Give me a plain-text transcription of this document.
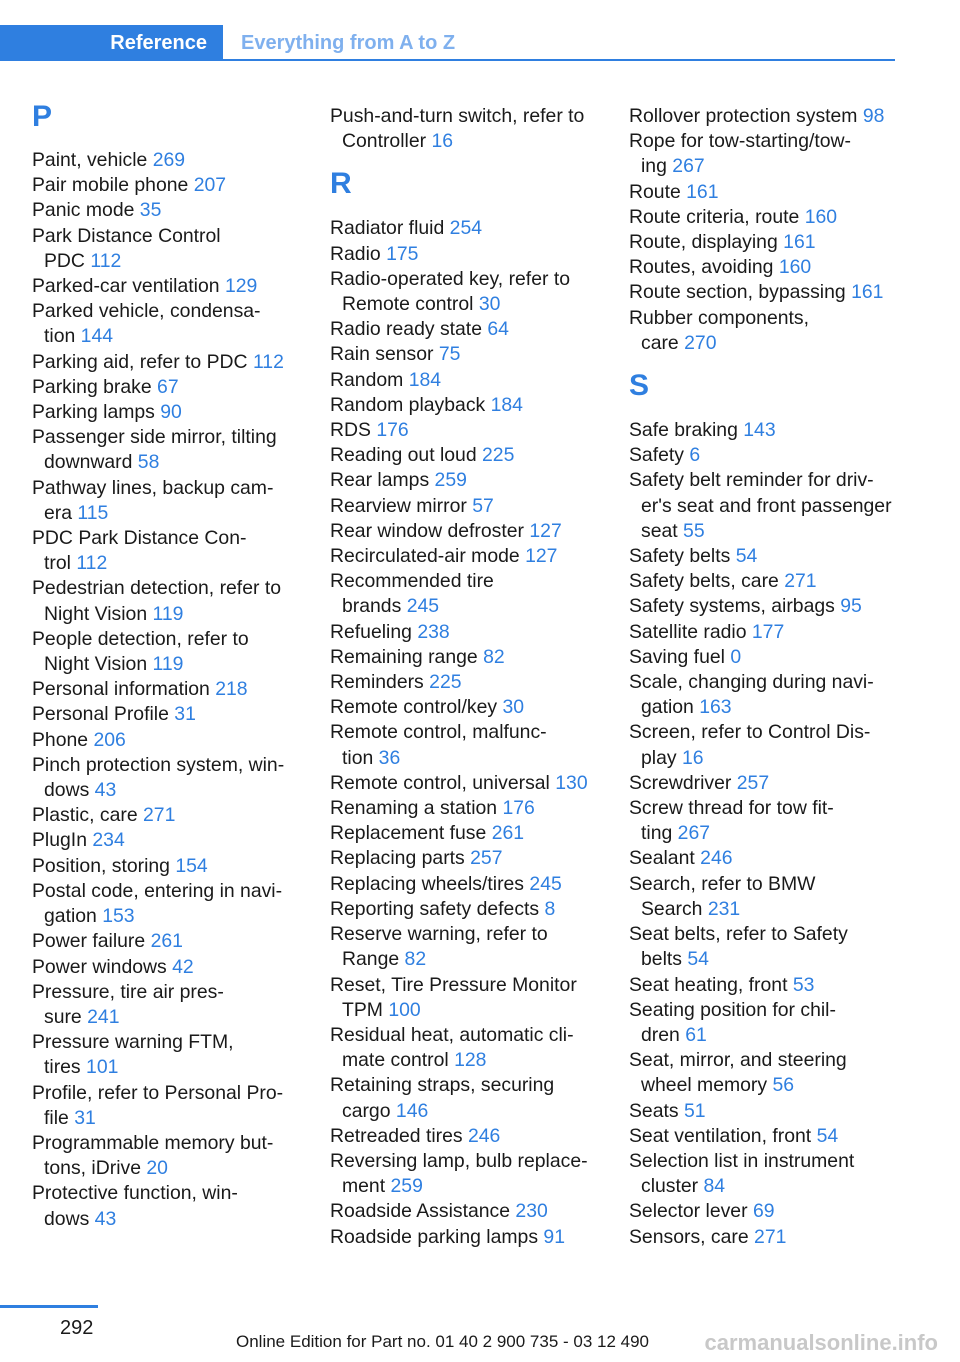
Reference	Everything from A to Z
P
Paint, vehicle 269
Pair mobile phone 207
Panic mode 35
Park Distance Control
PDC 112
Parked-car ventilation 129
Parked vehicle, condensa-
tion 144
Parking aid, refer to PDC 112
Parking brake 67
Parking lamps 90
Passenger side mirror, tilting
downward 58
Pathway lines, backup cam-
era 115
PDC Park Distance Con-
trol 112
Pedestrian detection, refer to
Night Vision 119
People detection, refer to
Night Vision 119
Personal information 218
Personal Profile 31
Phone 206
Pinch protection system, win-
dows 43
Plastic, care 271
PlugIn 234
Position, storing 154
Postal code, entering in navi-
gation 153
Power failure 261
Power windows 42
Pressure, tire air pres-
sure 241
Pressure warning FTM,
tires 101
Profile, refer to Personal Pro-
file 31
Programmable memory but-
tons, iDrive 20
Protective function, win-
dows 43
Push-and-turn switch, refer to
Controller 16
R
Radiator fluid 254
Radio 175
Radio-operated key, refer to
Remote control 30
Radio ready state 64
Rain sensor 75
Random 184
Random playback 184
RDS 176
Reading out loud 225
Rear lamps 259
Rearview mirror 57
Rear window defroster 127
Recirculated-air mode 127
Recommended tire
brands 245
Refueling 238
Remaining range 82
Reminders 225
Remote control/key 30
Remote control, malfunc-
tion 36
Remote control, universal 130
Renaming a station 176
Replacement fuse 261
Replacing parts 257
Replacing wheels/tires 245
Reporting safety defects 8
Reserve warning, refer to
Range 82
Reset, Tire Pressure Monitor
TPM 100
Residual heat, automatic cli-
mate control 128
Retaining straps, securing
cargo 146
Retreaded tires 246
Reversing lamp, bulb replace-
ment 259
Roadside Assistance 230
Roadside parking lamps 91
Rollover protection system 98
Rope for tow-starting/tow-
ing 267
Route 161
Route criteria, route 160
Route, displaying 161
Routes, avoiding 160
Route section, bypassing 161
Rubber components,
care 270
S
Safe braking 143
Safety 6
Safety belt reminder for driv-
er's seat and front passenger
seat 55
Safety belts 54
Safety belts, care 271
Safety systems, airbags 95
Satellite radio 177
Saving fuel 0
Scale, changing during navi-
gation 163
Screen, refer to Control Dis-
play 16
Screwdriver 257
Screw thread for tow fit-
ting 267
Sealant 246
Search, refer to BMW
Search 231
Seat belts, refer to Safety
belts 54
Seat heating, front 53
Seating position for chil-
dren 61
Seat, mirror, and steering
wheel memory 56
Seats 51
Seat ventilation, front 54
Selection list in instrument
cluster 84
Selector lever 69
Sensors, care 271
292
Online Edition for Part no. 01 40 2 900 735 - 03 12 490	carmanualsonline.info
